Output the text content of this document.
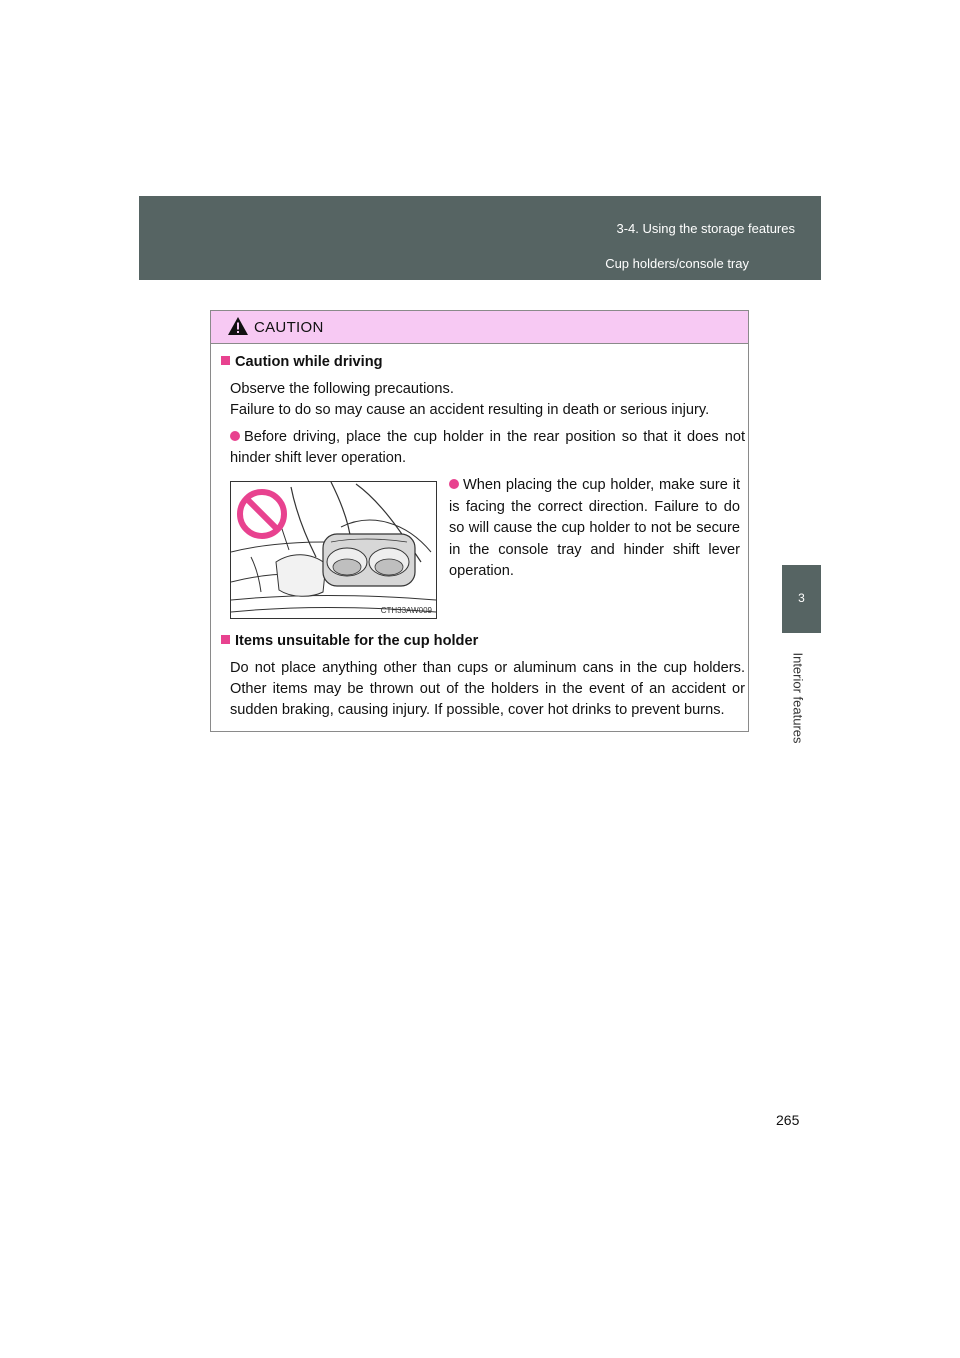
3-4. Using the storage features
Cup holders/console tray
3
Interior features
CAUTION
Caution while driving
Observe the following precautions.
Failure to do so may cause an accident resulting in death or serious injury.
Before driving, place the cup holder in the rear position so that it does not hinder shift lever operation.
CTH33AW009
When placing the cup holder, make sure it is facing the correct direction. Failure to do so will cause the cup holder to not be secure in the console tray and hinder shift lever operation.
Items unsuitable for the cup holder
Do not place anything other than cups or aluminum cans in the cup holders. Other items may be thrown out of the holders in the event of an accident or sudden braking, causing injury. If possible, cover hot drinks to prevent burns.
265
